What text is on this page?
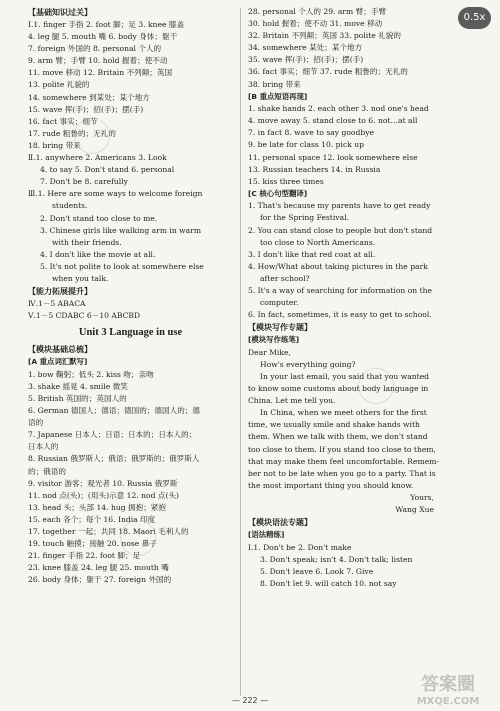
【基础知识过关】
Ⅰ.1. finger 手指 2. foot 脚；足 3. knee 膝盖
4. leg 腿 5. mouth 嘴 6. body 身体；躯干
7. foreign 外国的 8. personal 个人的
9. arm 臂；手臂 10. hold 握着；使不动
11. move 移动 12. Britain 不列颠；英国
13. polite 礼貌的
14. somewhere 到某处；某个地方
15. wave 挥(手)；招(手)；摆(手)
16. fact 事实；细节
17. rude 粗鲁的；无礼的
18. bring 带来
Ⅱ.1. anywhere 2. Americans 3. Look
4. to say 5. Don't stand 6. personal
7. Don't be 8. carefully
Ⅲ.1. Here are some ways to welcome foreign
students.
2. Don't stand too close to me.
3. Chinese girls like walking arm in warm
with their friends.
4. I don't like the movie at all.
5. It's not polite to look at somewhere else
when you talk.
【能力拓展提升】
Ⅳ.1－5 ABACA
Ⅴ.1－5 CDABC 6－10 ABCBD
Unit 3 Language in use
【模块基础总梳】
[A 重点词汇默写]
1. bow 鞠躬；低头 2. kiss 吻；亲吻
3. shake 摇晃 4. smile 微笑
5. British 英国的；英国人的
6. German 德国人；德语；德国的；德国人的；德
语的
7. Japanese 日本人；日语；日本的；日本人的；
日本人的
8. Russian 俄罗斯人；俄语；俄罗斯的；俄罗斯人
的；俄语的
9. visitor 游客；观光者 10. Russia 俄罗斯
11. nod 点(头)；(用头)示意 12. nod 点(头)
13. head 头；头部 14. hug 拥抱；紧抱
15. each 各个；每个 16. India 印度
17. together 一起；共同 18. Maori 毛利人的
19. touch 触摸；接触 20. nose 鼻子
21. finger 手指 22. foot 脚；足
23. knee 膝盖 24. leg 腿 25. mouth 嘴
26. body 身体；躯干 27. foreign 外国的
28. personal 个人的 29. arm 臂；手臂
30. hold 握着；使不动 31. move 移动
32. Britain 不列颠；英国 33. polite 礼貌的
34. somewhere 某处；某个地方
35. wave 挥(手)；招(手)；摆(手)
36. fact 事实；细节 37. rude 粗鲁的；无礼的
38. bring 带来
[B 重点短语再现]
1. shake hands 2. each other 3. nod one's head
4. move away 5. stand close to 6. not…at all
7. in fact 8. wave to say goodbye
9. be late for class 10. pick up
11. personal space 12. look somewhere else
13. Russian teachers 14. in Russia
15. kiss three times
[C 核心句型翻译]
1. That's because my parents have to get ready
for the Spring Festival.
2. You can stand close to people but don't stand
too close to North Americans.
3. I don't like that red coat at all.
4. How/What about taking pictures in the park
after school?
5. It's a way of searching for information on the
computer.
6. In fact, sometimes, it is easy to get to school.
【模块写作专题】
[模块写作练笔]
Dear Mike,
How's everything going?
In your last email, you said that you wanted
to know some customs about body language in
China. Let me tell you.
In China, when we meet others for the first
time, we usually smile and shake hands with
them. When we talk with them, we don't stand
too close to them. If you stand too close to them,
that may make them feel uncomfortable. Remem-
ber not to be late when you go to a party. That is
the most important thing you should know.
Yours,
Wang Xue
【模块语法专题】
[语法精练]
Ⅰ.1. Don't be 2. Don't make
3. Don't speak; isn't 4. Don't talk; listen
5. Don't leave 6. Look 7. Give
8. Don't let 9. will catch 10. not say
— 222 —
0.5x
答案圈
MXQE.COM
